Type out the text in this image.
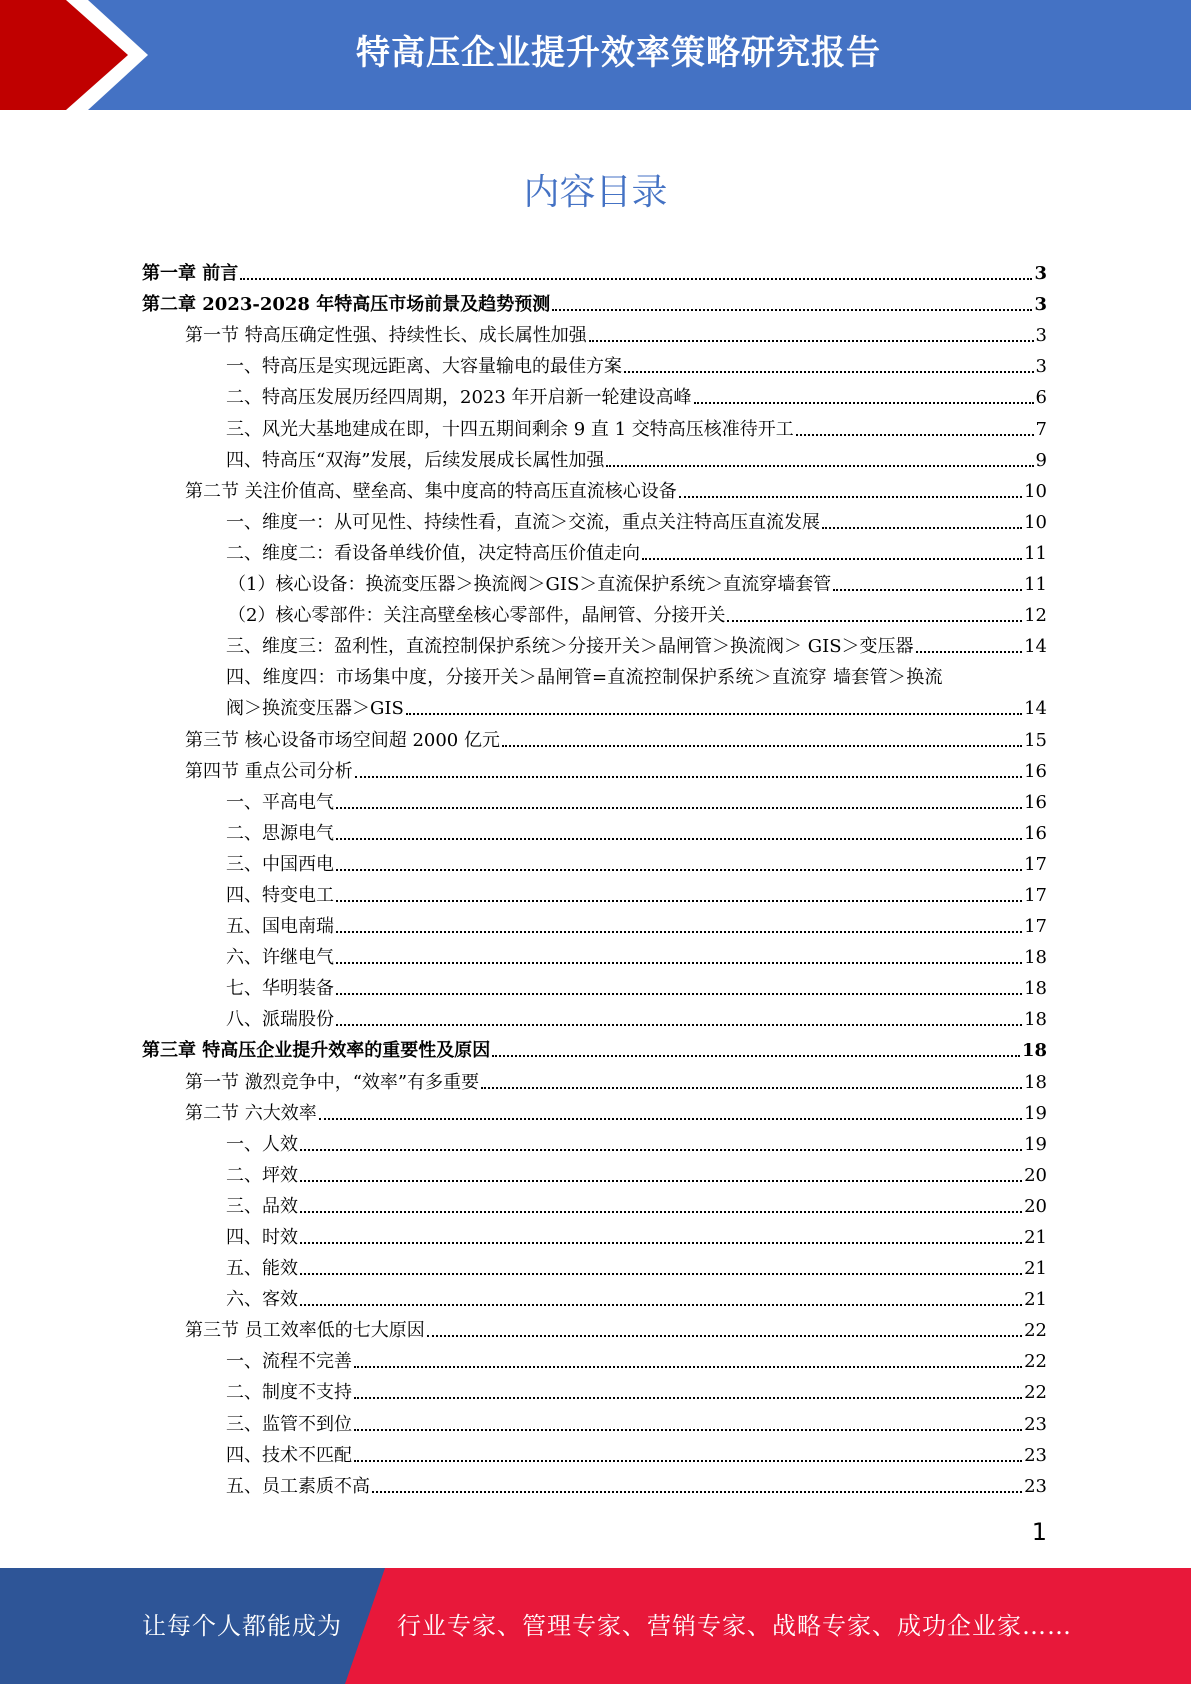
特高压企业提升效率策略研究报告
内容目录
第一章 前言	3
第二章 2023-2028 年特高压市场前景及趋势预测	3
第一节 特高压确定性强、持续性长、成长属性加强	3
一、特高压是实现远距离、大容量输电的最佳方案	3
二、特高压发展历经四周期，2023 年开启新一轮建设高峰	6
三、风光大基地建成在即，十四五期间剩余 9 直 1 交特高压核准待开工	7
四、特高压“双海”发展，后续发展成长属性加强	9
第二节 关注价值高、壁垒高、集中度高的特高压直流核心设备	10
一、维度一：从可见性、持续性看，直流＞交流，重点关注特高压直流发展	10
二、维度二：看设备单线价值，决定特高压价值走向	11
（1）核心设备：换流变压器＞换流阀＞GIS＞直流保护系统＞直流穿墙套管	11
（2）核心零部件：关注高壁垒核心零部件，晶闸管、分接开关	12
三、维度三：盈利性，直流控制保护系统＞分接开关＞晶闸管＞换流阀＞ GIS＞变压器	14
四、维度四：市场集中度，分接开关＞晶闸管=直流控制保护系统＞直流穿 墙套管＞换流
阀＞换流变压器＞GIS	14
第三节 核心设备市场空间超 2000 亿元	15
第四节 重点公司分析	16
一、平高电气	16
二、思源电气	16
三、中国西电	17
四、特变电工	17
五、国电南瑞	17
六、许继电气	18
七、华明装备	18
八、派瑞股份	18
第三章 特高压企业提升效率的重要性及原因	18
第一节 激烈竞争中，“效率”有多重要	18
第二节 六大效率	19
一、人效	19
二、坪效	20
三、品效	20
四、时效	21
五、能效	21
六、客效	21
第三节 员工效率低的七大原因	22
一、流程不完善	22
二、制度不支持	22
三、监管不到位	23
四、技术不匹配	23
五、员工素质不高	23
1
让每个人都能成为 行业专家、管理专家、营销专家、战略专家、成功企业家……
